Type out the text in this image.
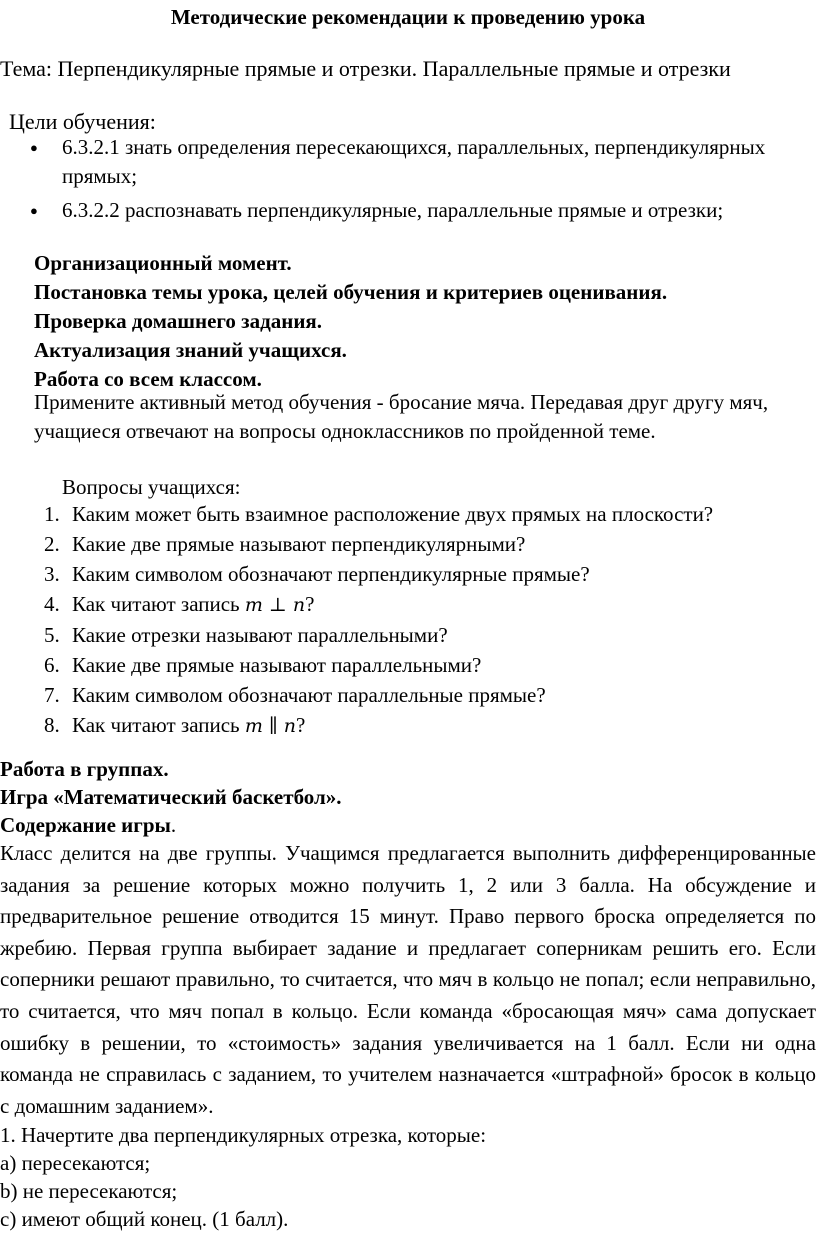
Методические рекомендации к проведению урока
Тема: Перпендикулярные прямые и отрезки. Параллельные прямые и отрезки
Цели обучения:
● 6.3.2.1 знать определения пересекающихся, параллельных, перпендикулярных прямых;
● 6.3.2.2 распознавать перпендикулярные, параллельные прямые и отрезки;
Организационный момент.
Постановка темы урока, целей обучения и критериев оценивания.
Проверка домашнего задания.
Актуализация знаний учащихся.
Работа со всем классом.
Примените активный метод обучения - бросание мяча. Передавая друг другу мяч, учащиеся отвечают на вопросы одноклассников по пройденной теме.
Вопросы учащихся:
1. Каким может быть взаимное расположение двух прямых на плоскости?
2. Какие две прямые называют перпендикулярными?
3. Каким символом обозначают перпендикулярные прямые?
4. Как читают запись m ⊥ n?
5. Какие отрезки называют параллельными?
6. Какие две прямые называют параллельными?
7. Каким символом обозначают параллельные прямые?
8. Как читают запись m ∥ n?
Работа в группах.
Игра «Математический баскетбол».
Содержание игры.
Класс делится на две группы. Учащимся предлагается выполнить дифференцированные задания за решение которых можно получить 1, 2 или 3 балла. На обсуждение и предварительное решение отводится 15 минут. Право первого броска определяется по жребию. Первая группа выбирает задание и предлагает соперникам решить его. Если соперники решают правильно, то считается, что мяч в кольцо не попал; если неправильно, то считается, что мяч попал в кольцо. Если команда «бросающая мяч» сама допускает ошибку в решении, то «стоимость» задания увеличивается на 1 балл. Если ни одна команда не справилась с заданием, то учителем назначается «штрафной» бросок в кольцо с домашним заданием».
1. Начертите два перпендикулярных отрезка, которые:
а) пересекаются;
b) не пересекаются;
с) имеют общий конец. (1 балл).
